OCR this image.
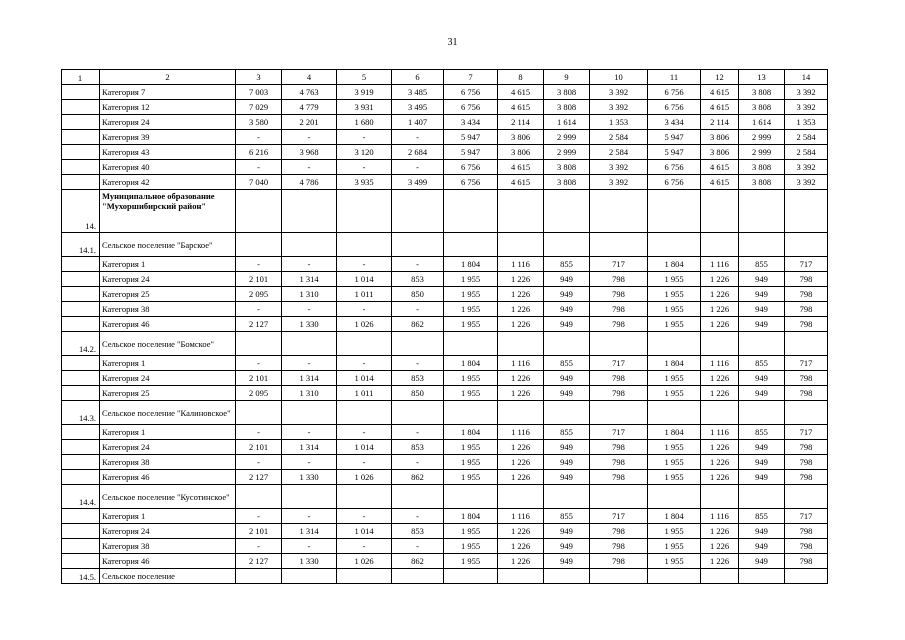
31
1	2	3	4	5	6	7	8	9	10	11	12	13	14
	Категория 7	7 003	4 763	3 919	3 485	6 756	4 615	3 808	3 392	6 756	4 615	3 808	3 392
	Категория 12	7 029	4 779	3 931	3 495	6 756	4 615	3 808	3 392	6 756	4 615	3 808	3 392
	Категория 24	3 580	2 201	1 680	1 407	3 434	2 114	1 614	1 353	3 434	2 114	1 614	1 353
	Категория 39	-	-	-	-	5 947	3 806	2 999	2 584	5 947	3 806	2 999	2 584
	Категория 43	6 216	3 968	3 120	2 684	5 947	3 806	2 999	2 584	5 947	3 806	2 999	2 584
	Категория 40	-	-	-	-	6 756	4 615	3 808	3 392	6 756	4 615	3 808	3 392
	Категория 42	7 040	4 786	3 935	3 499	6 756	4 615	3 808	3 392	6 756	4 615	3 808	3 392
14.	Муниципальное образование "Мухоршибирский район"												
14.1.	Сельское поселение "Барское"												
	Категория 1	-	-	-	-	1 804	1 116	855	717	1 804	1 116	855	717
	Категория 24	2 101	1 314	1 014	853	1 955	1 226	949	798	1 955	1 226	949	798
	Категория 25	2 095	1 310	1 011	850	1 955	1 226	949	798	1 955	1 226	949	798
	Категория 38	-	-	-	-	1 955	1 226	949	798	1 955	1 226	949	798
	Категория 46	2 127	1 330	1 026	862	1 955	1 226	949	798	1 955	1 226	949	798
14.2.	Сельское поселение "Бомское"												
	Категория 1	-	-	-	-	1 804	1 116	855	717	1 804	1 116	855	717
	Категория 24	2 101	1 314	1 014	853	1 955	1 226	949	798	1 955	1 226	949	798
	Категория 25	2 095	1 310	1 011	850	1 955	1 226	949	798	1 955	1 226	949	798
14.3.	Сельское поселение "Калиновское"												
	Категория 1	-	-	-	-	1 804	1 116	855	717	1 804	1 116	855	717
	Категория 24	2 101	1 314	1 014	853	1 955	1 226	949	798	1 955	1 226	949	798
	Категория 38	-	-	-	-	1 955	1 226	949	798	1 955	1 226	949	798
	Категория 46	2 127	1 330	1 026	862	1 955	1 226	949	798	1 955	1 226	949	798
14.4.	Сельское поселение "Кусотинское"												
	Категория 1	-	-	-	-	1 804	1 116	855	717	1 804	1 116	855	717
	Категория 24	2 101	1 314	1 014	853	1 955	1 226	949	798	1 955	1 226	949	798
	Категория 38	-	-	-	-	1 955	1 226	949	798	1 955	1 226	949	798
	Категория 46	2 127	1 330	1 026	862	1 955	1 226	949	798	1 955	1 226	949	798
14.5.	Сельское поселение												
